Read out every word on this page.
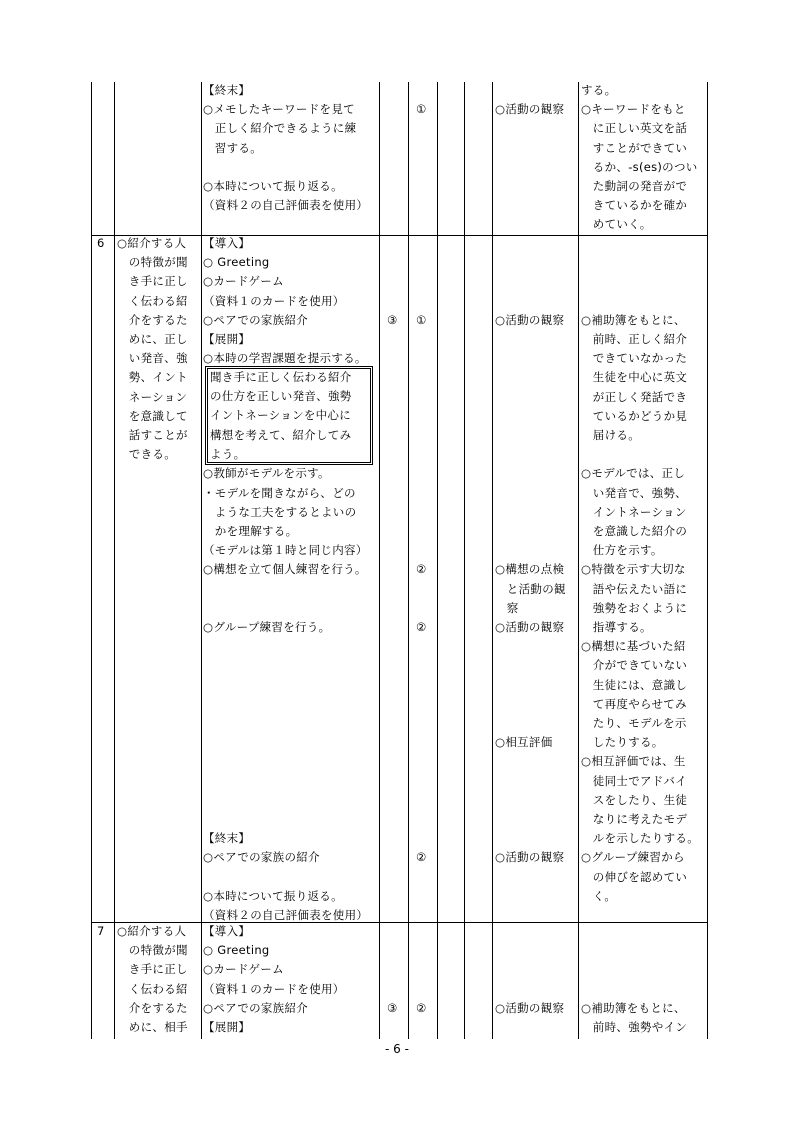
【終末】
○メモしたキーワードを見て
　正しく紹介できるように練
　習する。
○本時について振り返る。
（資料２の自己評価表を使用）
①	○活動の観察
する。
○キーワードをもと
　に正しい英文を話
　すことができてい
　るか、-s(es)のつい
　た動詞の発音がで
　きているかを確か
　めていく。
6 ○紹介する人
　の特徴が聞
　き手に正し
　く伝わる紹
　介をするた
　めに、正し
　い発音、強
　勢、イント
　ネーション
　を意識して
　話すことが
　できる。
【導入】
○ Greeting
○カードゲーム
（資料１のカードを使用）
○ペアでの家族紹介
【展開】
○本時の学習課題を提示する。
○教師がモデルを示す。
・モデルを聞きながら、どの
　ような工夫をするとよいの
　かを理解する。
（モデルは第１時と同じ内容）
○構想を立て個人練習を行う。
○グループ練習を行う。
【終末】
○ペアでの家族の紹介
○本時について振り返る。
（資料２の自己評価表を使用）
聞き手に正しく伝わる紹介
の仕方を正しい発音、強勢
イントネーションを中心に
構想を考えて、紹介してみ
よう。
③ ①
②
②
②
○活動の観察
○構想の点検
　と活動の観
　察
○活動の観察
○相互評価
○活動の観察
○補助簿をもとに、
　前時、正しく紹介
　できていなかった
　生徒を中心に英文
　が正しく発話でき
　ているかどうか見
　届ける。
○モデルでは、正し
　い発音で、強勢、
　イントネーション
　を意識した紹介の
　仕方を示す。
○特徴を示す大切な
　語や伝えたい語に
　強勢をおくように
　指導する。
○構想に基づいた紹
　介ができていない
　生徒には、意識し
　て再度やらせてみ
　たり、モデルを示
　したりする。
○相互評価では、生
　徒同士でアドバイ
　スをしたり、生徒
　なりに考えたモデ
　ルを示したりする。
○グループ練習から
　の伸びを認めてい
　く。
7 ○紹介する人
　の特徴が聞
　き手に正し
　く伝わる紹
　介をするた
　めに、相手
【導入】
○ Greeting
○カードゲーム
（資料１のカードを使用）
○ペアでの家族紹介
【展開】
③ ②	○活動の観察 ○補助簿をもとに、
　前時、強勢やイン
- 6 -
